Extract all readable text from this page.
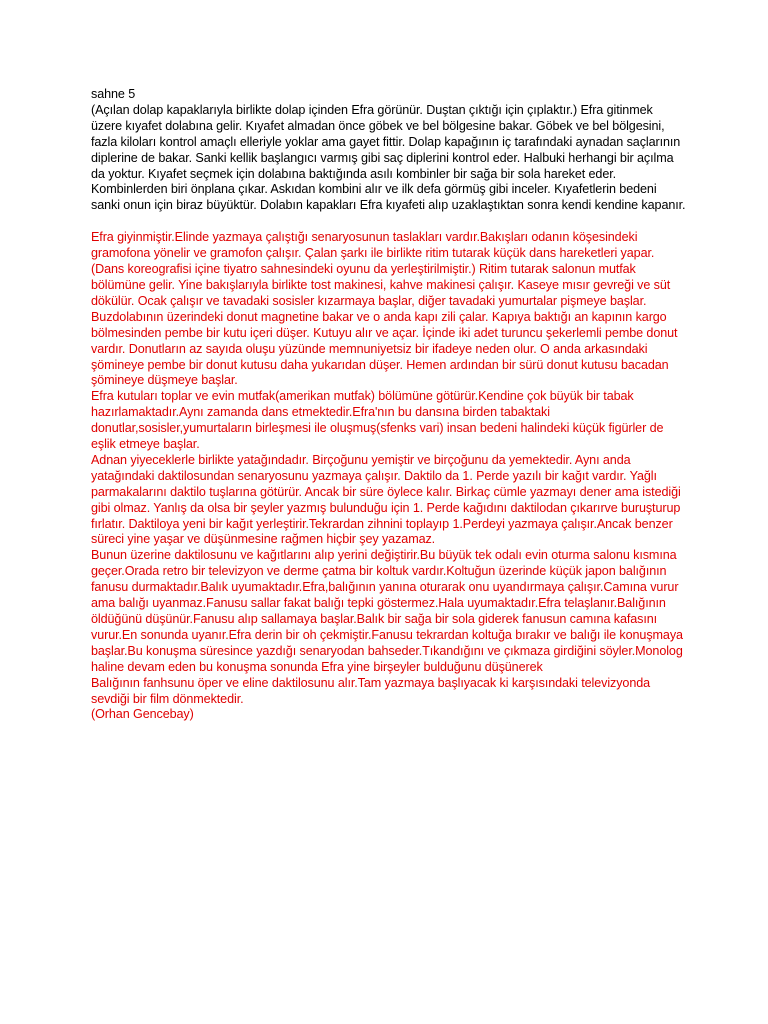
sahne 5

(Açılan dolap kapaklarıyla birlikte dolap içinden Efra görünür. Duştan çıktığı için çıplaktır.) Efra gitinmek üzere kıyafet dolabına gelir. Kıyafet almadan önce göbek ve bel bölgesine bakar. Göbek ve bel bölgesini, fazla kiloları kontrol amaçlı elleriyle yoklar ama gayet fittir. Dolap kapağının iç tarafındaki aynadan saçlarının diplerine de bakar. Sanki kellik başlangıcı varmış gibi saç diplerini kontrol eder. Halbuki herhangi bir açılma da yoktur. Kıyafet seçmek için dolabına baktığında asılı kombinler bir sağa bir sola hareket eder. Kombinlerden biri önplana çıkar. Askıdan kombini alır ve ilk defa görmüş gibi inceler. Kıyafetlerin bedeni sanki onun için biraz büyüktür. Dolabın kapakları Efra kıyafeti alıp uzaklaştıktan sonra kendi kendine kapanır.

Efra giyinmiştir.Elinde yazmaya çalıştığı senaryosunun taslakları vardır.Bakışları odanın köşesindeki gramofona yönelir ve gramofon çalışır. Çalan şarkı ile birlikte ritim tutarak küçük dans hareketleri yapar.(Dans koreografisi içine tiyatro sahnesindeki oyunu da yerleştirilmiştir.) Ritim tutarak salonun mutfak bölümüne gelir. Yine bakışlarıyla birlikte tost makinesi, kahve makinesi çalışır. Kaseye mısır gevreği ve süt dökülür. Ocak çalışır ve tavadaki sosisler kızarmaya başlar, diğer tavadaki yumurtalar pişmeye başlar. Buzdolabının üzerindeki donut magnetine bakar ve o anda kapı zili çalar. Kapıya baktığı an kapının kargo bölmesinden pembe bir kutu içeri düşer. Kutuyu alır ve açar. İçinde iki adet turuncu şekerlemli pembe donut vardır. Donutların az sayıda oluşu yüzünde memnuniyetsiz bir ifadeye neden olur. O anda arkasındaki şömineye pembe bir donut kutusu daha yukarıdan düşer. Hemen ardından bir sürü donut kutusu bacadan şömineye düşmeye başlar.

Efra kutuları toplar ve evin mutfak(amerikan mutfak) bölümüne götürür.Kendine çok büyük bir tabak hazırlamaktadır.Aynı zamanda dans etmektedir.Efra'nın bu dansına birden tabaktaki donutlar,sosisler,yumurtaların birleşmesi ile oluşmuş(sfenks vari) insan bedeni halindeki küçük figürler de eşlik etmeye başlar.

Adnan yiyeceklerle birlikte yatağındadır. Birçoğunu yemiştir ve birçoğunu da yemektedir. Aynı anda yatağındaki daktilosundan senaryosunu yazmaya çalışır. Daktilo da 1. Perde yazılı bir kağıt vardır. Yağlı parmakalarını daktilo tuşlarına götürür. Ancak bir süre öylece kalır. Birkaç cümle yazmayı dener ama istediği gibi olmaz. Yanlış da olsa bir şeyler yazmış bulunduğu için 1. Perde kağıdını daktilodan çıkarırve buruşturup fırlatır. Daktiloya yeni bir kağıt yerleştirir.Tekrardan zihnini toplayıp 1.Perdeyi yazmaya çalışır.Ancak benzer süreci yine yaşar ve düşünmesine rağmen hiçbir şey yazamaz.

Bunun üzerine daktilosunu ve kağıtlarını alıp yerini değiştirir.Bu büyük tek odalı evin oturma salonu kısmına geçer.Orada retro bir televizyon ve derme çatma bir koltuk vardır.Koltuğun üzerinde küçük japon balığının fanusu durmaktadır.Balık uyumaktadır.Efra,balığının yanına oturarak onu uyandırmaya çalışır.Camına vurur ama balığı uyanmaz.Fanusu sallar fakat balığı tepki göstermez.Hala uyumaktadır.Efra telaşlanır.Balığının öldüğünü düşünür.Fanusu alıp sallamaya başlar.Balık bir sağa bir sola giderek fanusun camına kafasını vurur.En sonunda uyanır.Efra derin bir oh çekmiştir.Fanusu tekrardan koltuğa bırakır ve balığı ile konuşmaya başlar.Bu konuşma süresince yazdığı senaryodan bahseder.Tıkandığını ve çıkmaza girdiğini söyler.Monolog haline devam eden bu konuşma sonunda Efra yine birşeyler bulduğunu düşünerek

Balığının fanhsunu öper ve eline daktilosunu alır.Tam yazmaya başlıyacak ki karşısındaki televizyonda sevdiği bir film dönmektedir.

(Orhan Gencebay)
